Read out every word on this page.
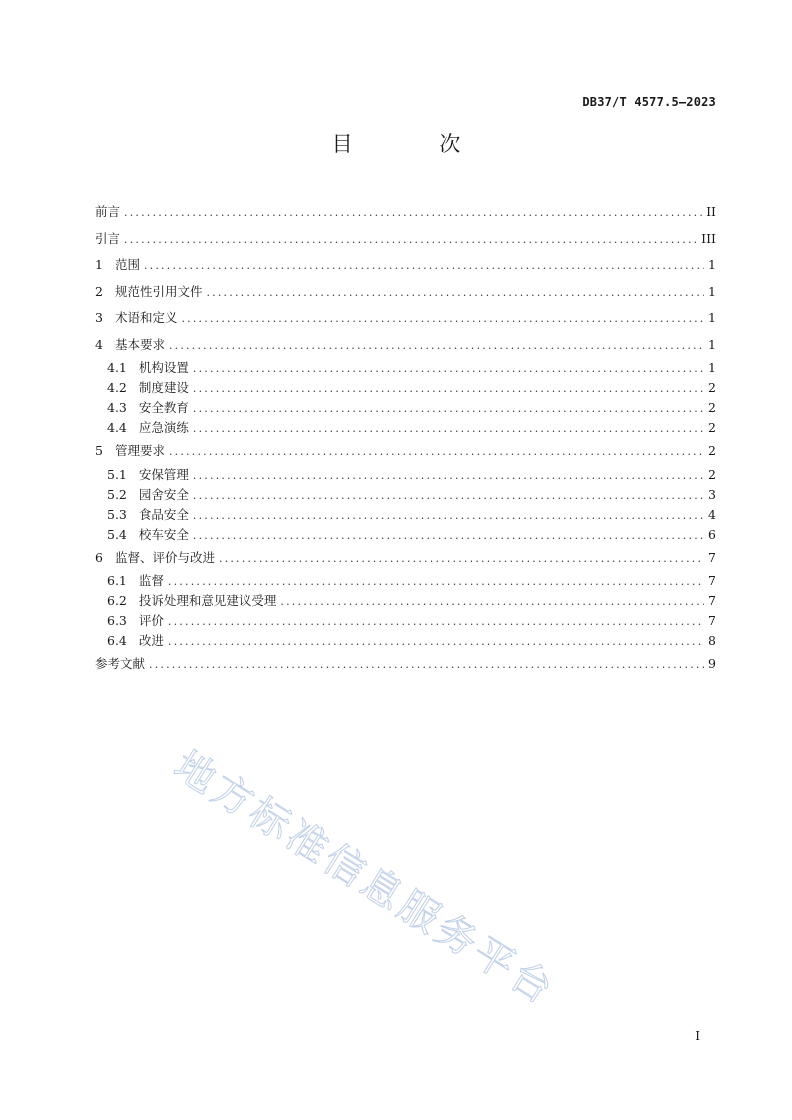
DB37/T 4577.5—2023
目 次
前言 .....	II
引言 .....	III
1 范围 .....	1
2 规范性引用文件 .....	1
3 术语和定义 .....	1
4 基本要求 .....	1
4.1 机构设置 .....	1
4.2 制度建设 .....	2
4.3 安全教育 .....	2
4.4 应急演练 .....	2
5 管理要求 .....	2
5.1 安保管理 .....	2
5.2 园舍安全 .....	3
5.3 食品安全 .....	4
5.4 校车安全 .....	6
6 监督、评价与改进 .....	7
6.1 监督 .....	7
6.2 投诉处理和意见建议受理 .....	7
6.3 评价 .....	7
6.4 改进 .....	8
参考文献 .....	9
地方标准信息服务平台
I
